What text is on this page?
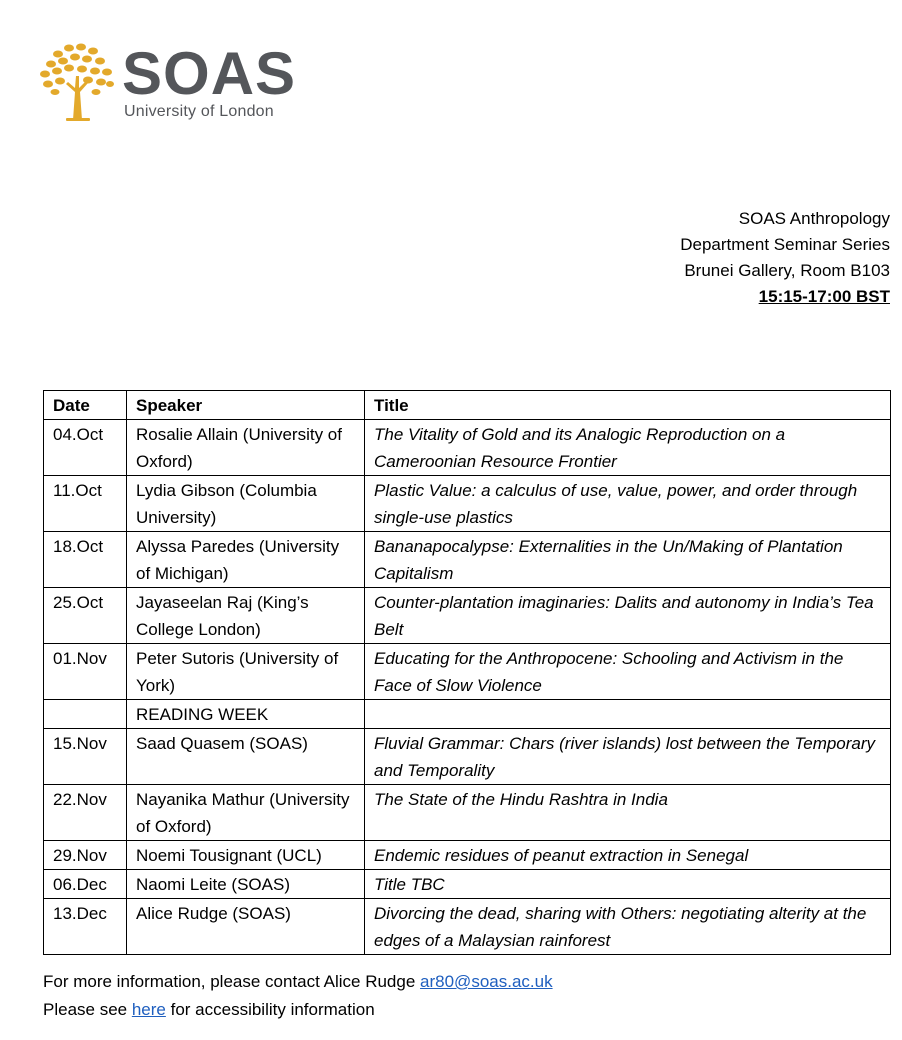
SOAS
University of London
SOAS Anthropology
Department Seminar Series
Brunei Gallery, Room B103
15:15-17:00 BST
Date	Speaker	Title
04.Oct	Rosalie Allain (University of Oxford)	The Vitality of Gold and its Analogic Reproduction on a Cameroonian Resource Frontier
11.Oct	Lydia Gibson (Columbia University)	Plastic Value: a calculus of use, value, power, and order through single-use plastics
18.Oct	Alyssa Paredes (University of Michigan)	Bananapocalypse: Externalities in the Un/Making of Plantation Capitalism
25.Oct	Jayaseelan Raj (King’s College London)	Counter-plantation imaginaries: Dalits and autonomy in India’s Tea Belt
01.Nov	Peter Sutoris (University of York)	Educating for the Anthropocene: Schooling and Activism in the Face of Slow Violence
	READING WEEK	
15.Nov	Saad Quasem (SOAS)	Fluvial Grammar: Chars (river islands) lost between the Temporary and Temporality
22.Nov	Nayanika Mathur (University of Oxford)	The State of the Hindu Rashtra in India
29.Nov	Noemi Tousignant (UCL)	Endemic residues of peanut extraction in Senegal
06.Dec	Naomi Leite (SOAS)	Title TBC
13.Dec	Alice Rudge (SOAS)	Divorcing the dead, sharing with Others: negotiating alterity at the edges of a Malaysian rainforest
For more information, please contact Alice Rudge ar80@soas.ac.uk
Please see here for accessibility information
